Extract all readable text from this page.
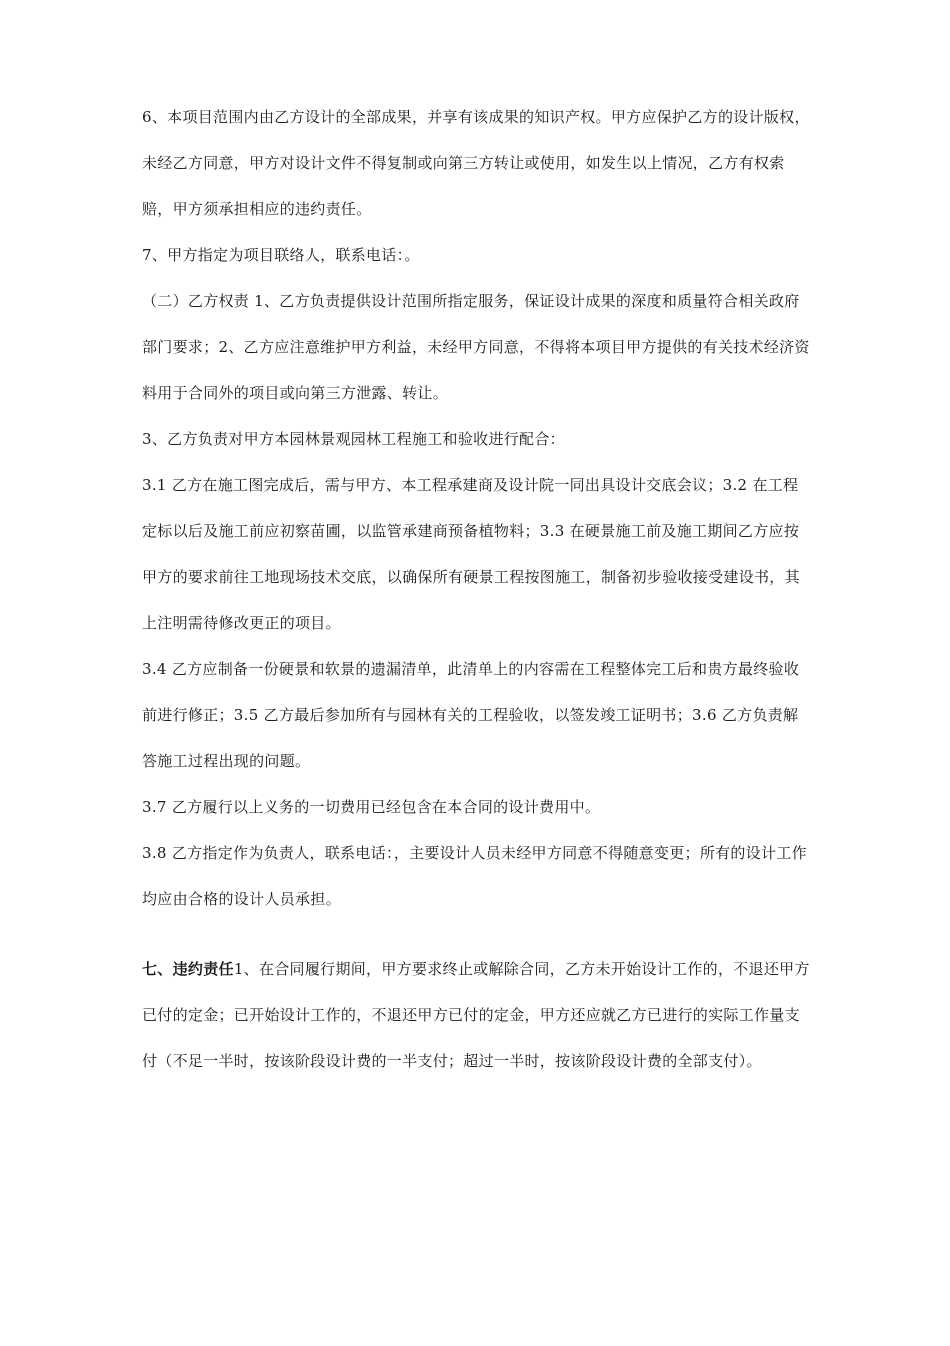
6、本项目范围内由乙方设计的全部成果，并享有该成果的知识产权。甲方应保护乙方的设计版权，未经乙方同意，甲方对设计文件不得复制或向第三方转让或使用，如发生以上情况，乙方有权索赔，甲方须承担相应的违约责任。

7、甲方指定为项目联络人，联系电话：。

（二）乙方权责 1、乙方负责提供设计范围所指定服务，保证设计成果的深度和质量符合相关政府部门要求；2、乙方应注意维护甲方利益，未经甲方同意，不得将本项目甲方提供的有关技术经济资料用于合同外的项目或向第三方泄露、转让。

3、乙方负责对甲方本园林景观园林工程施工和验收进行配合：

3.1 乙方在施工图完成后，需与甲方、本工程承建商及设计院一同出具设计交底会议；3.2 在工程定标以后及施工前应初察苗圃，以监管承建商预备植物料；3.3 在硬景施工前及施工期间乙方应按甲方的要求前往工地现场技术交底，以确保所有硬景工程按图施工，制备初步验收接受建设书，其上注明需待修改更正的项目。

3.4 乙方应制备一份硬景和软景的遗漏清单，此清单上的内容需在工程整体完工后和贵方最终验收前进行修正；3.5 乙方最后参加所有与园林有关的工程验收，以签发竣工证明书；3.6 乙方负责解答施工过程出现的问题。

3.7 乙方履行以上义务的一切费用已经包含在本合同的设计费用中。

3.8 乙方指定作为负责人，联系电话：，主要设计人员未经甲方同意不得随意变更；所有的设计工作均应由合格的设计人员承担。

七、违约责任1、在合同履行期间，甲方要求终止或解除合同，乙方未开始设计工作的，不退还甲方已付的定金；已开始设计工作的，不退还甲方已付的定金，甲方还应就乙方已进行的实际工作量支付（不足一半时，按该阶段设计费的一半支付；超过一半时，按该阶段设计费的全部支付）。
